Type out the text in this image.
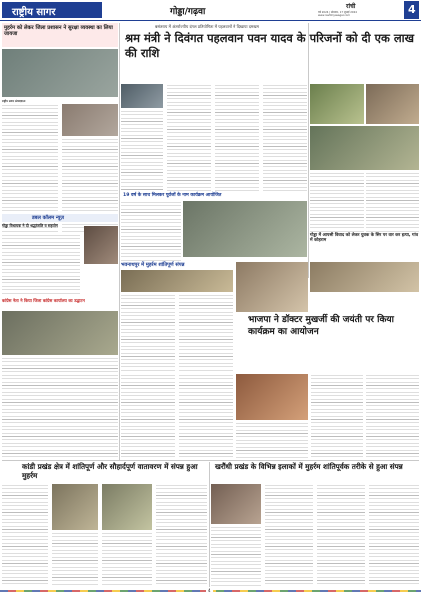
राष्ट्रीय सागर	गोड्डा/गढ़वा
रांची
वर्ष 2024 | सोमवार, 17 जुलाई 2024
www.rashtriyasagar.com	4
मुहर्रम को लेकर जिला प्रशासन ने सुरक्षा व्यवस्था का लिया जायजा
राष्ट्रीय सागर संवाददाता
डबल कॉलम न्यूज़
गोड्डा विधायक ने दी श्रद्धांजलि व सहयोग
कांग्रेस नेता ने किया जिला कांग्रेस कार्यालय का उद्घाटन
बसंतराय में अंतर्राज्यीय दंगल प्रतियोगिता में पहलवानों ने दिखाया दमखम
श्रम मंत्री ने दिवंगत पहलवान पवन यादव के परिजनों को दी एक लाख की राशि
19 वर्ष के साथ मिलकर पूर्वजों के नाम कार्यक्रम आयोजित
गोड्डा में आपसी विवाद को लेकर युवक के सिर पर वार कर हत्या, गांव में कोहराम
भवनाथपुर में मुहर्रम शांतिपूर्ण संपन्न
भाजपा ने डॉक्टर मुखर्जी की जयंती पर किया कार्यक्रम का आयोजन
कांडी प्रखंड क्षेत्र में शांतिपूर्ण और सौहार्दपूर्ण वातावरण में संपन्न हुआ मुहर्रम
खरौंधी प्रखंड के विभिन्न इलाकों में मुहर्रम शांतिपूर्वक तरीके से हुआ संपन्न
4
